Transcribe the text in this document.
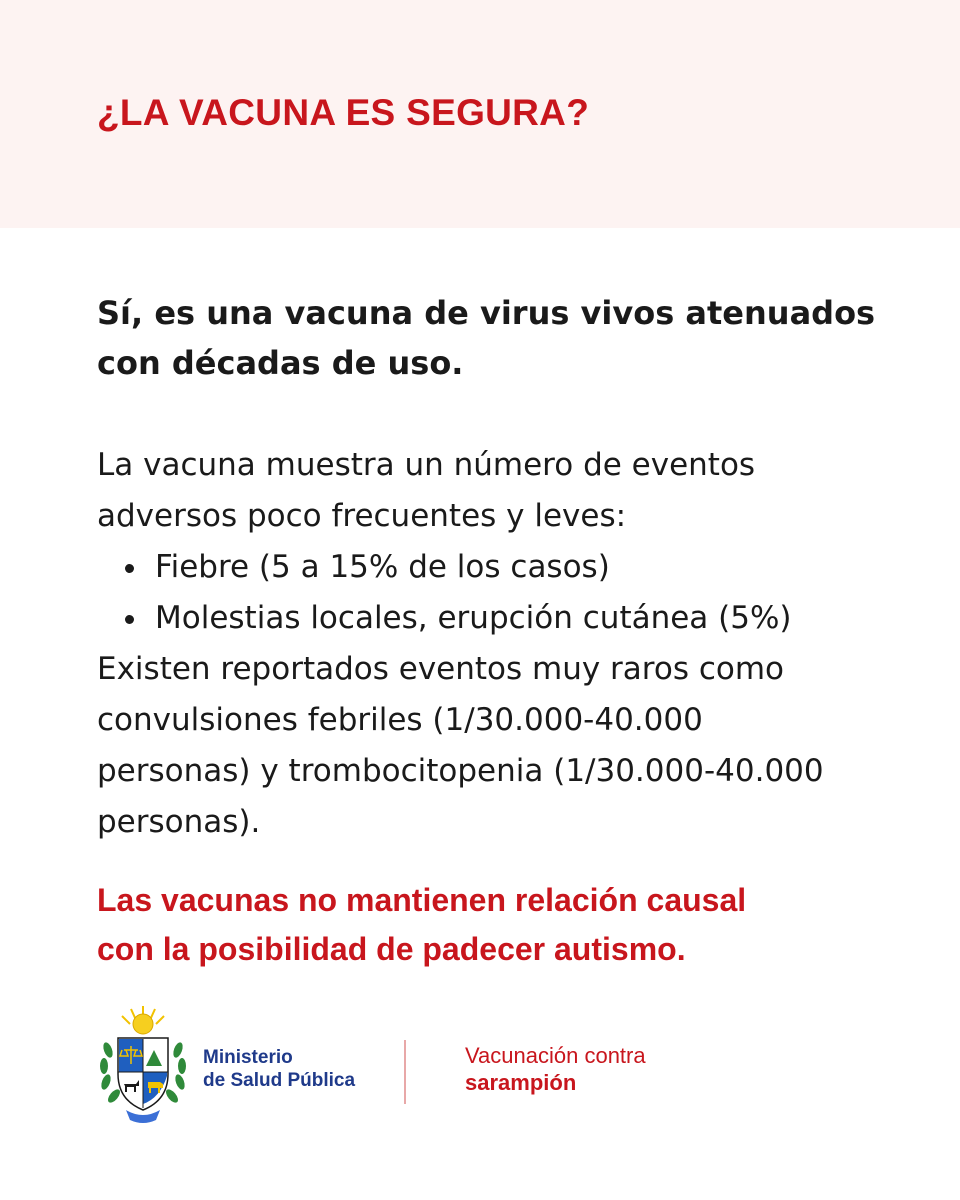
¿LA VACUNA ES SEGURA?

Sí, es una vacuna de virus vivos atenuados
con décadas de uso.

La vacuna muestra un número de eventos
adversos poco frecuentes y leves:

Fiebre (5 a 15% de los casos)
Molestias locales, erupción cutánea (5%)

Existen reportados eventos muy raros como
convulsiones febriles (1/30.000-40.000
personas) y trombocitopenia (1/30.000-40.000
personas).

Las vacunas no mantienen relación causal
con la posibilidad de padecer autismo.

Ministerio
de Salud Pública
Vacunación contra
sarampión
